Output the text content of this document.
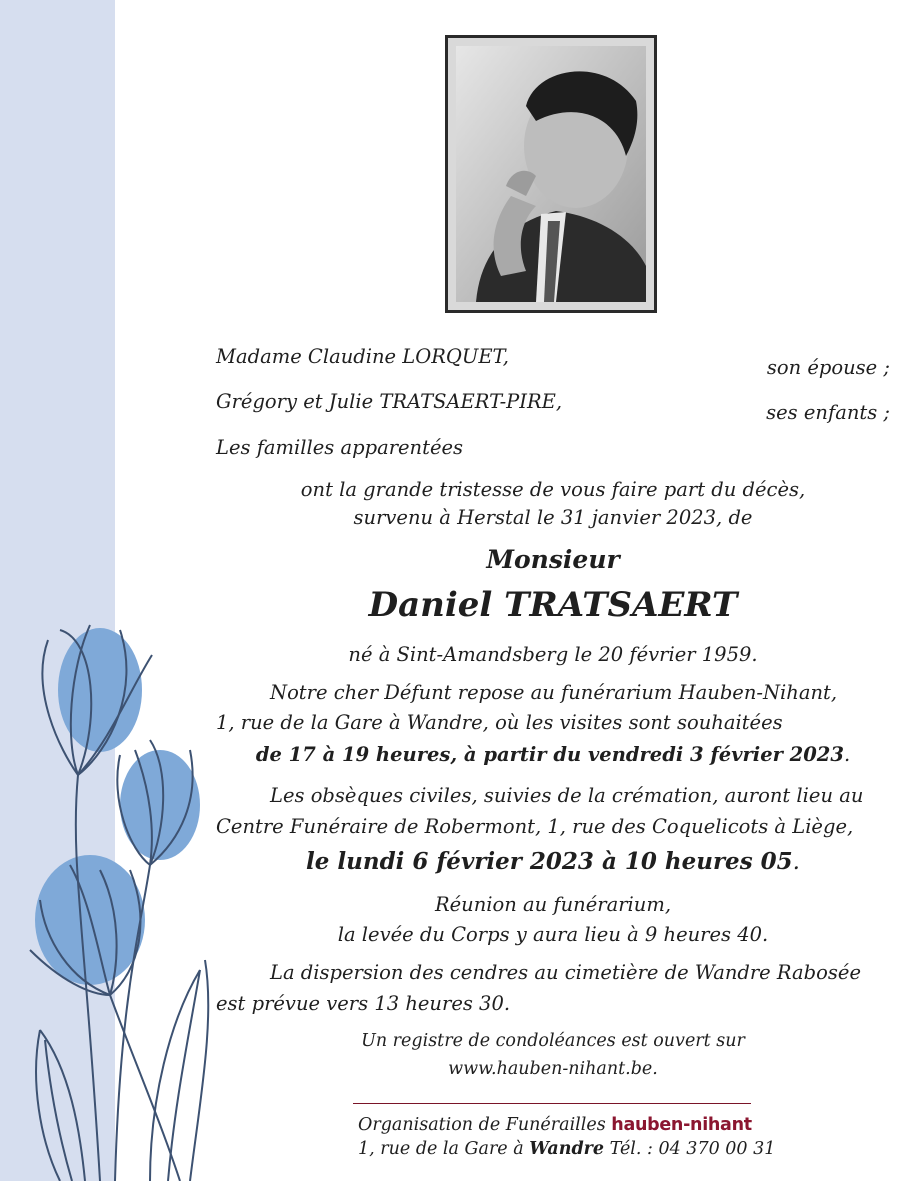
Madame Claudine LORQUET,	son épouse ;
Grégory et Julie TRATSAERT-PIRE,	ses enfants ;
Les familles apparentées
ont la grande tristesse de vous faire part du décès,
survenu à Herstal le 31 janvier 2023, de
Monsieur
Daniel TRATSAERT
né à Sint-Amandsberg le 20 février 1959.
Notre cher Défunt repose au funérarium Hauben-Nihant,
1, rue de la Gare à Wandre, où les visites sont souhaitées
de 17 à 19 heures, à partir du vendredi 3 février 2023.
Les obsèques civiles, suivies de la crémation, auront lieu au
Centre Funéraire de Robermont, 1, rue des Coquelicots à Liège,
le lundi 6 février 2023 à 10 heures 05.
Réunion au funérarium,
la levée du Corps y aura lieu à 9 heures 40.
La dispersion des cendres au cimetière de Wandre Rabosée
est prévue vers 13 heures 30.
Un registre de condoléances est ouvert sur
www.hauben-nihant.be.
Organisation de Funérailles hauben-nihant
1, rue de la Gare à Wandre Tél. : 04 370 00 31
